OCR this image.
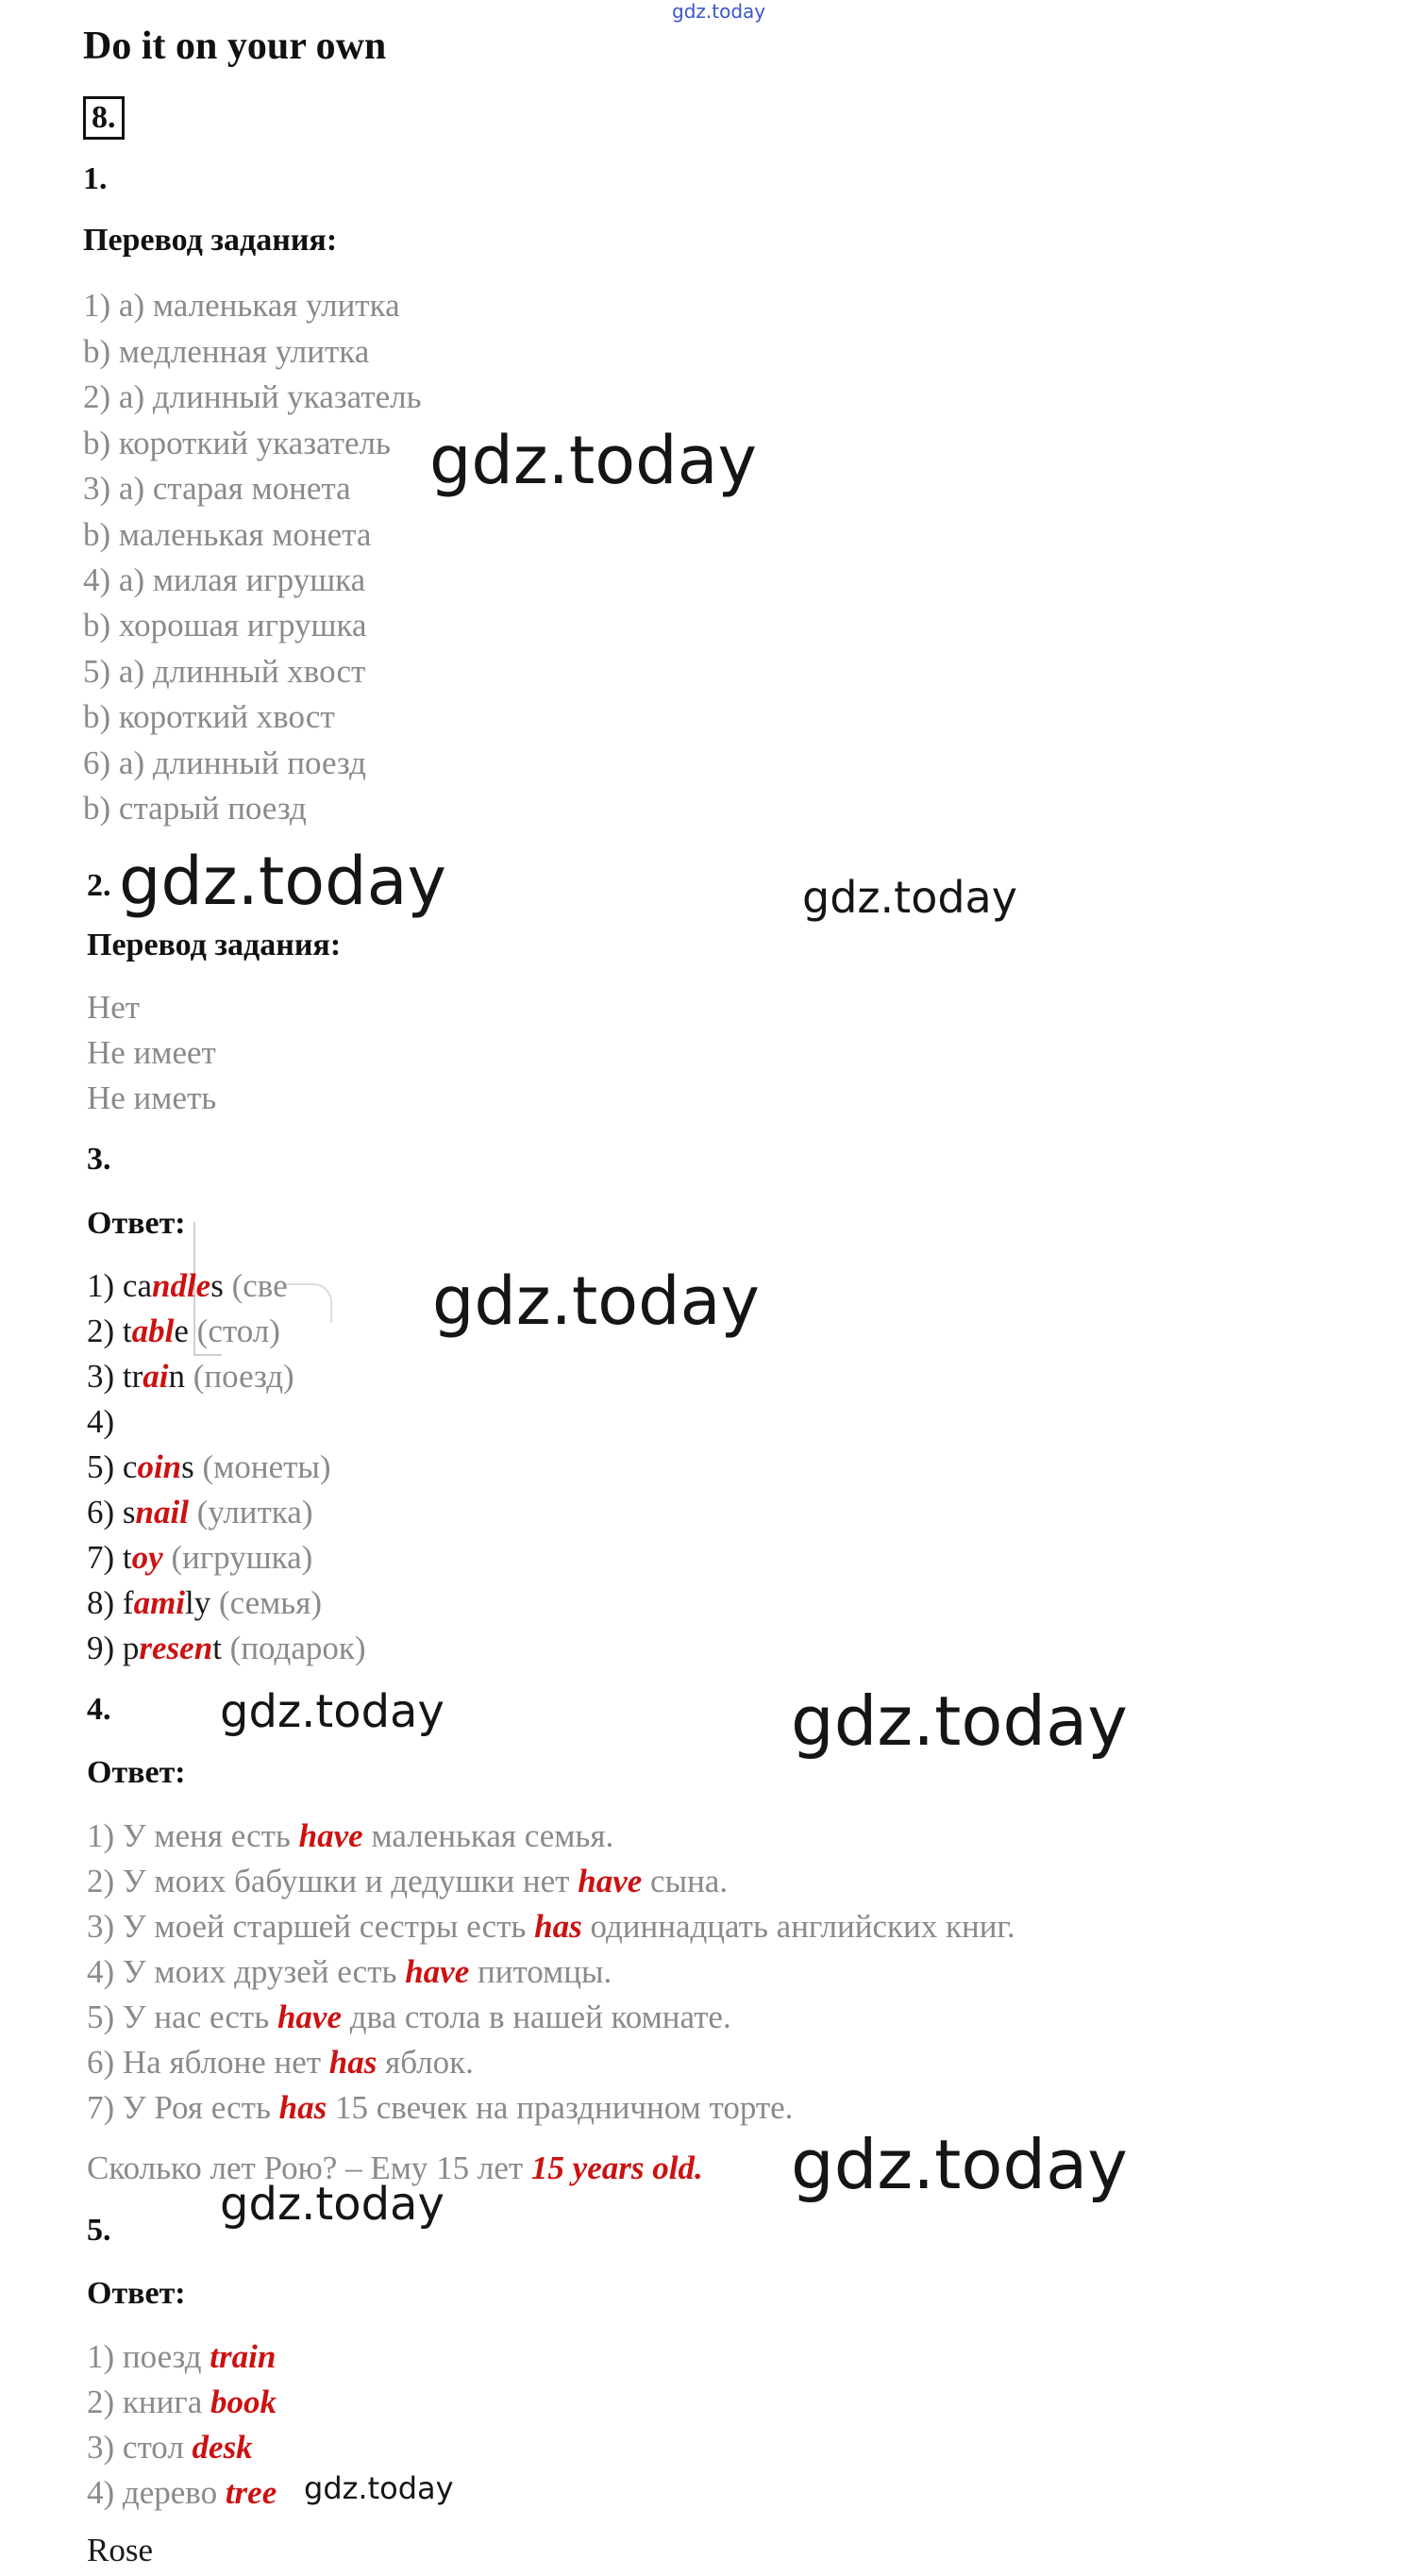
gdz.today
Do it on your own
8.
1.
Перевод задания:
1) a) маленькая улитка
b) медленная улитка
2) a) длинный указатель
b) короткий указатель
3) a) старая монета
b) маленькая монета
4) a) милая игрушка
b) хорошая игрушка
5) a) длинный хвост
b) короткий хвост
6) a) длинный поезд
b) старый поезд
gdz.today
2. gdz.today	gdz.today
Перевод задания:
Нет
Не имеет
Не иметь
3.
Ответ:
1) candles (све
2) table (стол)
3) train (поезд)
4)
5) coins (монеты)
6) snail (улитка)
7) toy (игрушка)
8) family (семья)
9) present (подарок)
gdz.today
4. gdz.today	gdz.today
Ответ:
1) У меня есть have маленькая семья.
2) У моих бабушки и дедушки нет have сына.
3) У моей старшей сестры есть has одиннадцать английских книг.
4) У моих друзей есть have питомцы.
5) У нас есть have два стола в нашей комнате.
6) На яблоне нет has яблок.
7) У Роя есть has 15 свечек на праздничном торте.
Сколько лет Рою? – Ему 15 лет 15 years old. gdz.today
gdz.today
5.
Ответ:
1) поезд train
2) книга book
3) стол desk
4) дерево tree gdz.today
Rose
